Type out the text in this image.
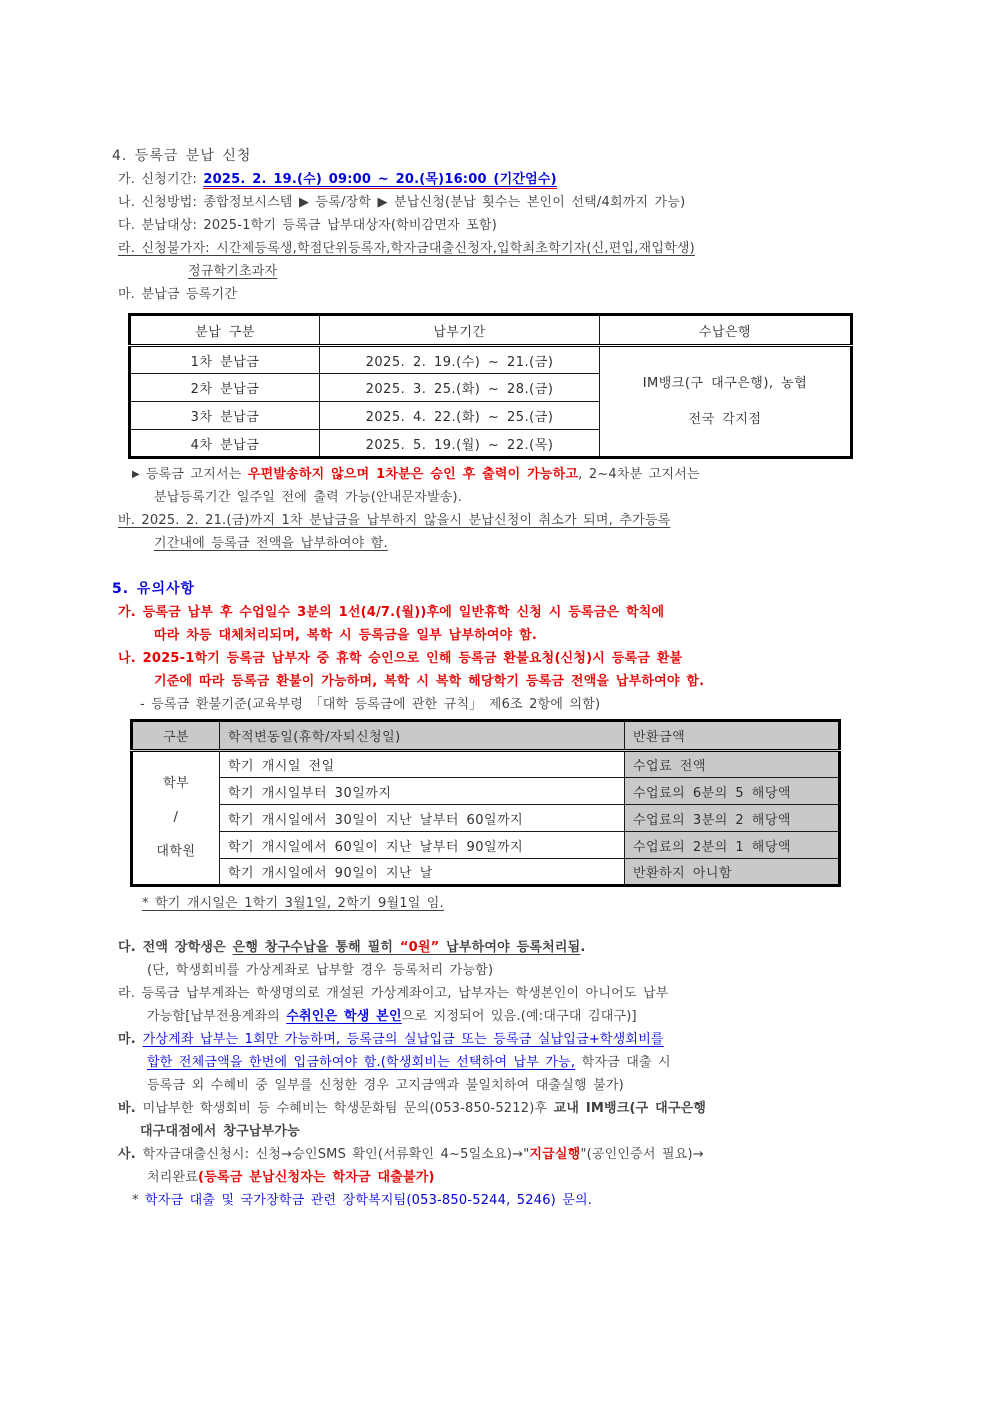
4. 등록금 분납 신청
가. 신청기간: 2025. 2. 19.(수) 09:00 ~ 20.(목)16:00 (기간엄수)
나. 신청방법: 종합정보시스템 ▶ 등록/장학 ▶ 분납신청(분납 횟수는 본인이 선택/4회까지 가능)
다. 분납대상: 2025-1학기 등록금 납부대상자(학비감면자 포함)
라. 신청불가자: 시간제등록생,학점단위등록자,학자금대출신청자,입학최초학기자(신,편입,재입학생)
정규학기초과자
마. 분납금 등록기간
분납 구분	납부기간	수납은행
1차 분납금	2025. 2. 19.(수) ~ 21.(금)	IM뱅크(구 대구은행), 농협
전국 각지점

2차 분납금	2025. 3. 25.(화) ~ 28.(금)	
3차 분납금	2025. 4. 22.(화) ~ 25.(금)	
4차 분납금	2025. 5. 19.(월) ~ 22.(목)	
▶ 등록금 고지서는 우편발송하지 않으며 1차분은 승인 후 출력이 가능하고, 2~4차분 고지서는
분납등록기간 일주일 전에 출력 가능(안내문자발송).
바. 2025. 2. 21.(금)까지 1차 분납금을 납부하지 않을시 분납신청이 취소가 되며, 추가등록
기간내에 등록금 전액을 납부하여야 함.
5. 유의사항
가. 등록금 납부 후 수업일수 3분의 1선(4/7.(월))후에 일반휴학 신청 시 등록금은 학칙에
따라 차등 대체처리되며, 복학 시 등록금을 일부 납부하여야 함.
나. 2025-1학기 등록금 납부자 중 휴학 승인으로 인해 등록금 환불요청(신청)시 등록금 환불
기준에 따라 등록금 환불이 가능하며, 복학 시 복학 해당학기 등록금 전액을 납부하여야 함.
- 등록금 환불기준(교육부령 「대학 등록금에 관한 규칙」 제6조 2항에 의함)
구분	학적변동일(휴학/자퇴신청일)	반환금액

학부
/
대학원	학기 개시일 전일	수업료 전액
	학기 개시일부터 30일까지	수업료의 6분의 5 해당액
	학기 개시일에서 30일이 지난 날부터 60일까지	수업료의 3분의 2 해당액
	학기 개시일에서 60일이 지난 날부터 90일까지	수업료의 2분의 1 해당액
	학기 개시일에서 90일이 지난 날	반환하지 아니함
* 학기 개시일은 1학기 3월1일, 2학기 9월1일 임.
다. 전액 장학생은 은행 창구수납을 통해 필히 “0원” 납부하여야 등록처리됨.
(단, 학생회비를 가상계좌로 납부할 경우 등록처리 가능함)
라. 등록금 납부계좌는 학생명의로 개설된 가상계좌이고, 납부자는 학생본인이 아니어도 납부
가능함[납부전용계좌의 수취인은 학생 본인으로 지정되어 있음.(예:대구대 김대구)]
마. 가상계좌 납부는 1회만 가능하며, 등록금의 실납입금 또는 등록금 실납입금+학생회비를
합한 전체금액을 한번에 입금하여야 함.(학생회비는 선택하여 납부 가능, 학자금 대출 시
등록금 외 수혜비 중 일부를 신청한 경우 고지금액과 불일치하여 대출실행 불가)
바. 미납부한 학생회비 등 수혜비는 학생문화팀 문의(053-850-5212)후 교내 IM뱅크(구 대구은행
대구대점에서 창구납부가능
사. 학자금대출신청시: 신청→승인SMS 확인(서류확인 4~5일소요)→"지급실행"(공인인증서 필요)→
처리완료(등록금 분납신청자는 학자금 대출불가)
* 학자금 대출 및 국가장학금 관련 장학복지팀(053-850-5244, 5246) 문의.
